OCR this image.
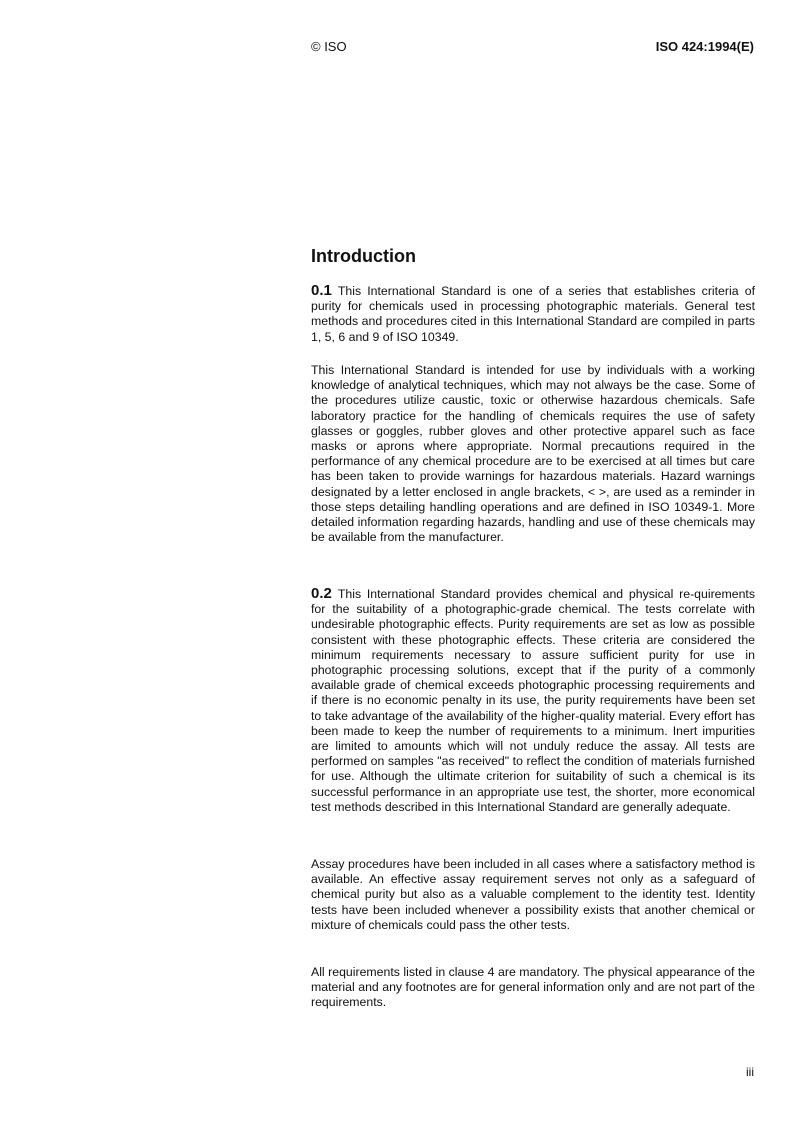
© ISO	ISO 424:1994(E)
Introduction

0.1 This International Standard is one of a series that establishes criteria of purity for chemicals used in processing photographic materials. General test methods and procedures cited in this International Standard are compiled in parts 1, 5, 6 and 9 of ISO 10349.

This International Standard is intended for use by individuals with a working knowledge of analytical techniques, which may not always be the case. Some of the procedures utilize caustic, toxic or otherwise hazardous chemicals. Safe laboratory practice for the handling of chemicals requires the use of safety glasses or goggles, rubber gloves and other protective apparel such as face masks or aprons where appropriate. Normal precautions required in the performance of any chemical procedure are to be exercised at all times but care has been taken to provide warnings for hazardous materials. Hazard warnings designated by a letter enclosed in angle brackets, < >, are used as a reminder in those steps detailing handling operations and are defined in ISO 10349-1. More detailed information regarding hazards, handling and use of these chemicals may be available from the manufacturer.

0.2 This International Standard provides chemical and physical re-quirements for the suitability of a photographic-grade chemical. The tests correlate with undesirable photographic effects. Purity requirements are set as low as possible consistent with these photographic effects. These criteria are considered the minimum requirements necessary to assure sufficient purity for use in photographic processing solutions, except that if the purity of a commonly available grade of chemical exceeds photographic processing requirements and if there is no economic penalty in its use, the purity requirements have been set to take advantage of the availability of the higher-quality material. Every effort has been made to keep the number of requirements to a minimum. Inert impurities are limited to amounts which will not unduly reduce the assay. All tests are performed on samples "as received" to reflect the condition of materials furnished for use. Although the ultimate criterion for suitability of such a chemical is its successful performance in an appropriate use test, the shorter, more economical test methods described in this International Standard are generally adequate.

Assay procedures have been included in all cases where a satisfactory method is available. An effective assay requirement serves not only as a safeguard of chemical purity but also as a valuable complement to the identity test. Identity tests have been included whenever a possibility exists that another chemical or mixture of chemicals could pass the other tests.

All requirements listed in clause 4 are mandatory. The physical appearance of the material and any footnotes are for general information only and are not part of the requirements.

iii
